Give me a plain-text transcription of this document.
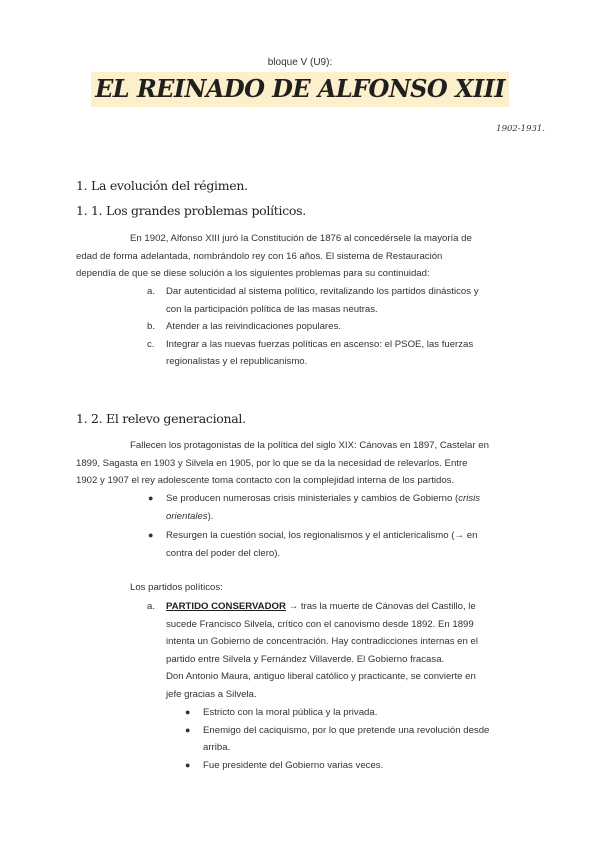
bloque V (U9):
EL REINADO DE ALFONSO XIII
1902-1931.
1. La evolución del régimen.
1. 1. Los grandes problemas políticos.
En 1902, Alfonso XIII juró la Constitución de 1876 al concedérsele la mayoría de
edad de forma adelantada, nombrándolo rey con 16 años. El sistema de Restauración
dependía de que se diese solución a los siguientes problemas para su continuidad:
a. Dar autenticidad al sistema político, revitalizando los partidos dinásticos y
con la participación política de las masas neutras.
b. Atender a las reivindicaciones populares.
c. Integrar a las nuevas fuerzas políticas en ascenso: el PSOE, las fuerzas
regionalistas y el republicanismo.
1. 2. El relevo generacional.
Fallecen los protagonistas de la política del siglo XIX: Cánovas en 1897, Castelar en
1899, Sagasta en 1903 y Silvela en 1905, por lo que se da la necesidad de relevarlos. Entre
1902 y 1907 el rey adolescente toma contacto con la complejidad interna de los partidos.
● Se producen numerosas crisis ministeriales y cambios de Gobierno (crisis
orientales).
● Resurgen la cuestión social, los regionalismos y el anticlericalismo (→ en
contra del poder del clero).
Los partidos políticos:
a. PARTIDO CONSERVADOR → tras la muerte de Cánovas del Castillo, le
sucede Francisco Silvela, crítico con el canovismo desde 1892. En 1899
intenta un Gobierno de concentración. Hay contradicciones internas en el
partido entre Silvela y Fernández Villaverde. El Gobierno fracasa.
Don Antonio Maura, antiguo liberal católico y practicante, se convierte en
jefe gracias a Silvela.
● Estricto con la moral pública y la privada.
● Enemigo del caciquismo, por lo que pretende una revolución desde
arriba.
● Fue presidente del Gobierno varias veces.
